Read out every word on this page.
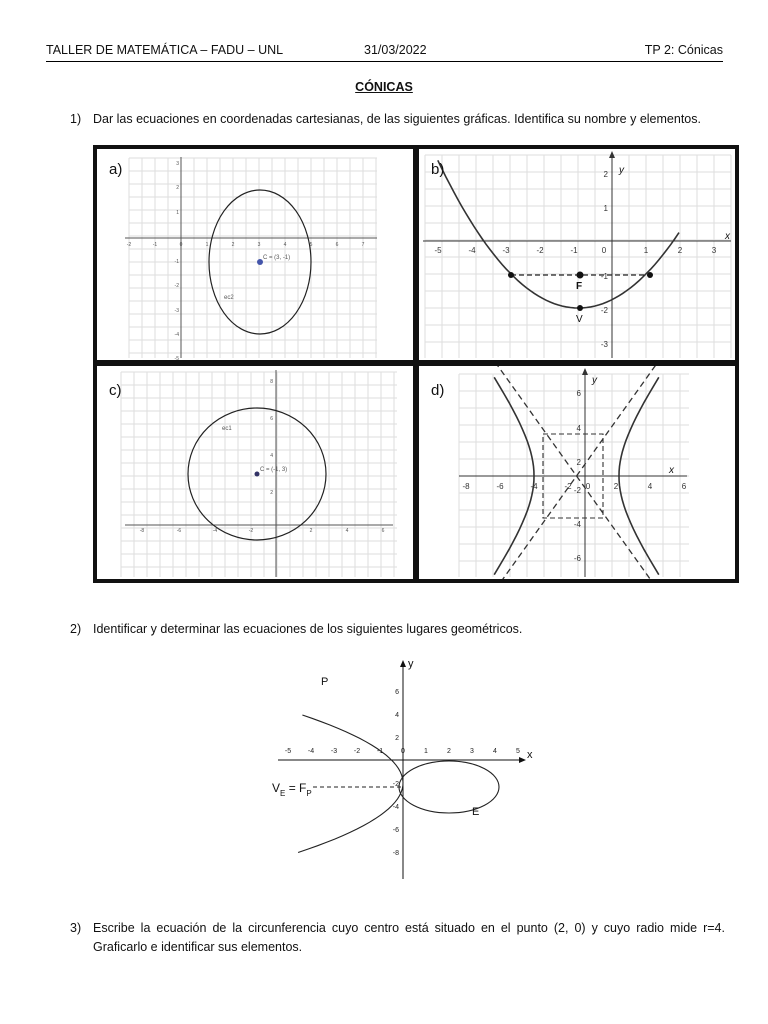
TALLER DE MATEMÁTICA – FADU – UNL	31/03/2022	TP 2: Cónicas
CÓNICAS
1) Dar las ecuaciones en coordenadas cartesianas, de las siguientes gráficas. Identifica su nombre y elementos.
-2	-1	0	1	2	3	4	5	6	7
3
2
1
-1
-2
-3
-4
-5
C = (3, -1)
ec2
a)
-5	-4	-3	-2	-1	0	1	2	3
2
1
-1
-2
-3
F
V
x
y
b)
-8	-6	-4	-2	2	4	6
8
6
4
2
C = (-1, 3)
ec1
c)
-8	-6	-4	-2 0	2	4	6
6
4
2
-2
-4
-6
x
y
d)
2) Identificar y determinar las ecuaciones de los siguientes lugares geométricos.
-5 -4 -3 -2 -1	0	1	2	3	4	5
6
4
2
-2
-4
-6
-8
P
E
y
x
$V_E = F_P$
3) Escribe la ecuación de la circunferencia cuyo centro está situado en el punto (2, 0) y cuyo radio mide r=4. Graficarlo e identificar sus elementos.
